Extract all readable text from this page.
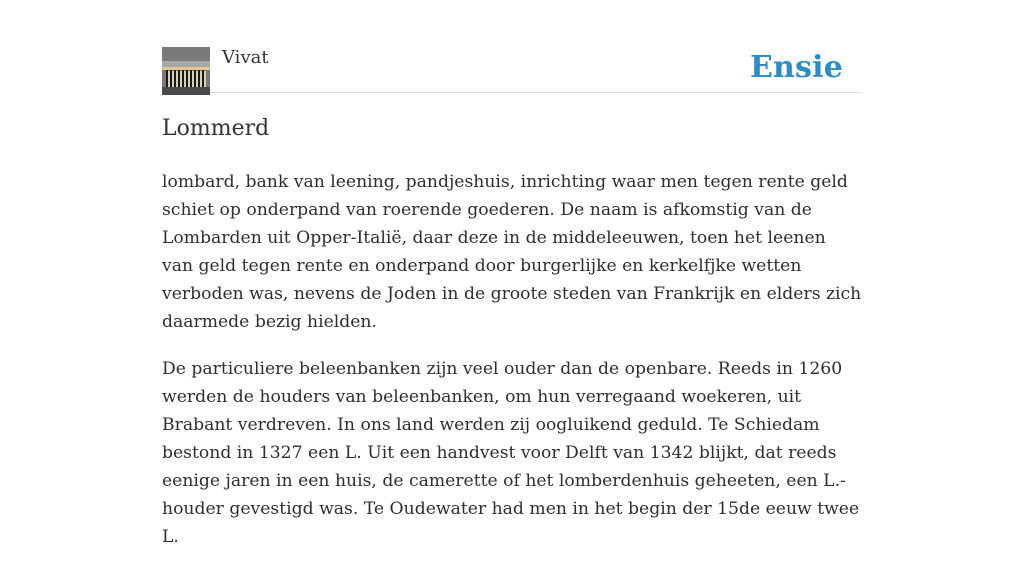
Vivat	Ensie
Lommerd

lombard, bank van leening, pandjeshuis, inrichting waar men tegen rente geld schiet op onderpand van roerende goederen. De naam is afkomstig van de Lombarden uit Opper-Italië, daar deze in de middeleeuwen, toen het leenen van geld tegen rente en onderpand door burgerlijke en kerkelfjke wetten verboden was, nevens de Joden in de groote steden van Frankrijk en elders zich daarmede bezig hielden.

De particuliere beleenbanken zijn veel ouder dan de openbare. Reeds in 1260 werden de houders van beleenbanken, om hun verregaand woekeren, uit Brabant verdreven. In ons land werden zij oogluikend geduld. Te Schiedam bestond in 1327 een L. Uit een handvest voor Delft van 1342 blijkt, dat reeds eenige jaren in een huis, de camerette of het lomberdenhuis geheeten, een L.-houder gevestigd was. Te Oudewater had men in het begin der 15de eeuw twee L.
